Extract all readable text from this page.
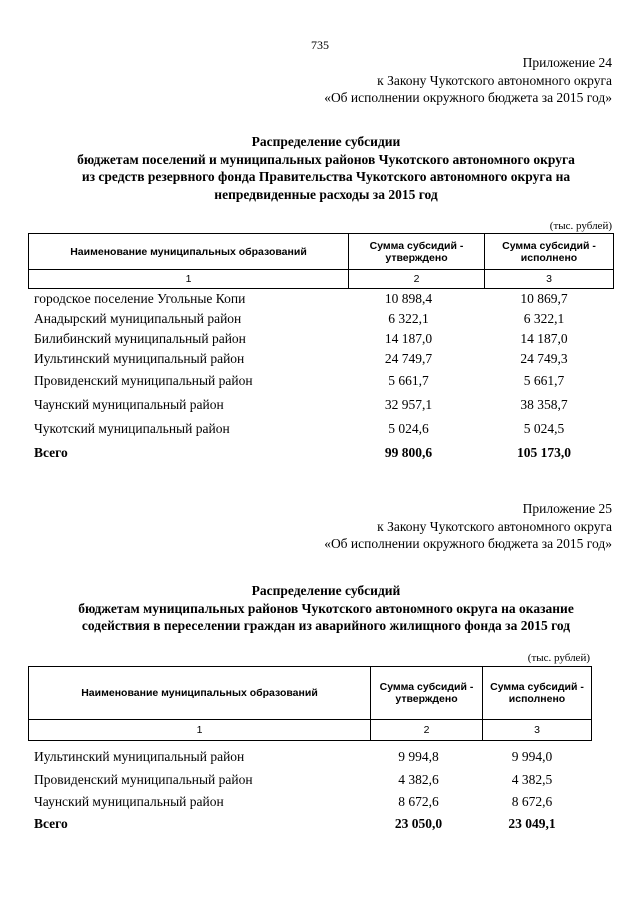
735
Приложение 24
к Закону Чукотского автономного округа
«Об исполнении окружного бюджета за 2015 год»
Распределение субсидии
бюджетам поселений и муниципальных районов Чукотского автономного округа
из средств резервного фонда Правительства Чукотского автономного округа на
непредвиденные расходы за 2015 год
(тыс. рублей)
Наименование муниципальных образований	Сумма субсидий - утверждено	Сумма субсидий - исполнено
1	2	3
городское поселение Угольные Копи	10 898,4	10 869,7
Анадырский муниципальный район	6 322,1	6 322,1
Билибинский муниципальный район	14 187,0	14 187,0
Иультинский муниципальный район	24 749,7	24 749,3
Провиденский муниципальный район	5 661,7	5 661,7
Чаунский муниципальный район	32 957,1	38 358,7
Чукотский муниципальный район	5 024,6	5 024,5
Всего	99 800,6	105 173,0
Приложение 25
к Закону Чукотского автономного округа
«Об исполнении окружного бюджета за 2015 год»
Распределение субсидий
бюджетам муниципальных районов Чукотского автономного округа на оказание
содействия в переселении граждан из аварийного жилищного фонда за 2015 год
(тыс. рублей)
Наименование муниципальных образований	Сумма субсидий - утверждено	Сумма субсидий - исполнено
1	2	3
Иультинский муниципальный район	9 994,8	9 994,0
Провиденский муниципальный район	4 382,6	4 382,5
Чаунский муниципальный район	8 672,6	8 672,6
Всего	23 050,0	23 049,1
